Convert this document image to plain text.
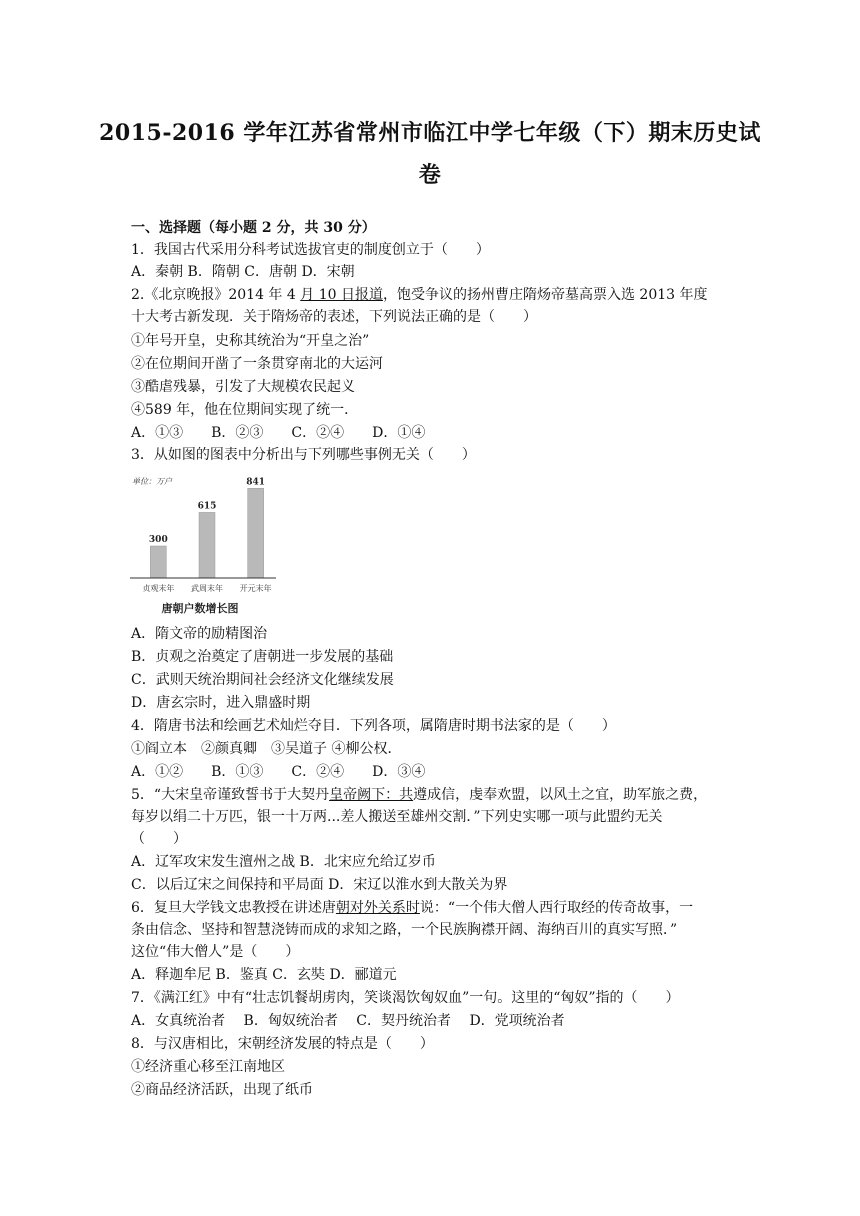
2015-2016 学年江苏省常州市临江中学七年级（下）期末历史试
卷
一、选择题（每小题 2 分，共 30 分）
1．我国古代采用分科考试选拔官吏的制度创立于（　　）
A．秦朝 B．隋朝 C．唐朝 D．宋朝
2.《北京晚报》2014 年 4 月 10 日报道，饱受争议的扬州曹庄隋炀帝墓高票入选 2013 年度
十大考古新发现．关于隋炀帝的表述，下列说法正确的是（　　）
①年号开皇，史称其统治为“开皇之治”
②在位期间开凿了一条贯穿南北的大运河
③酷虐残暴，引发了大规模农民起义
④589 年，他在位期间实现了统一．
A．①③　　B．②③　　C．②④　　D．①④
3．从如图的图表中分析出与下列哪些事例无关（　　）
单位：万户
300
贞观末年
615
武周末年
841
开元末年
唐朝户数增长图
A．隋文帝的励精图治
B．贞观之治奠定了唐朝进一步发展的基础
C．武则天统治期间社会经济文化继续发展
D．唐玄宗时，进入鼎盛时期
4．隋唐书法和绘画艺术灿烂夺目．下列各项，属隋唐时期书法家的是（　　）
①阎立本　②颜真卿　③吴道子 ④柳公权．
A．①②　　B．①③　　C．②④　　D．③④
5．“大宋皇帝谨致誓书于大契丹皇帝阙下：共遵成信，虔奉欢盟，以风土之宜，助军旅之费，
每岁以绢二十万匹，银一十万两...差人搬送至雄州交割．”下列史实哪一项与此盟约无关
（　　）
A．辽军攻宋发生澶州之战 B．北宋应允给辽岁币
C．以后辽宋之间保持和平局面 D．宋辽以淮水到大散关为界
6．复旦大学钱文忠教授在讲述唐朝对外关系时说：“一个伟大僧人西行取经的传奇故事，一
条由信念、坚持和智慧浇铸而成的求知之路，一个民族胸襟开阔、海纳百川的真实写照．”
这位“伟大僧人”是（　　）
A．释迦牟尼 B．鉴真 C．玄奘 D．郦道元
7．《满江红》中有“壮志饥餐胡虏肉，笑谈渴饮匈奴血”一句。这里的“匈奴”指的（　　）
A．女真统治者　 B．匈奴统治者　 C．契丹统治者　 D．党项统治者
8．与汉唐相比，宋朝经济发展的特点是（　　）
①经济重心移至江南地区
②商品经济活跃，出现了纸币
